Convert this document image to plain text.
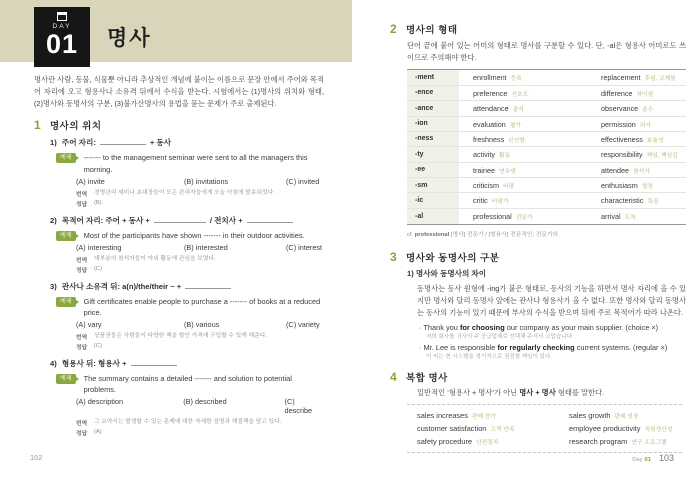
DAY
01	명사
명사란 사람, 동물, 식물뿐 아니라 추상적인 개념에 붙이는 이름으로 문장 안에서 주어와 목적어 자리에 오고 형용사나 소유격 뒤에서 수식을 받는다. 시험에서는 (1)명사의 위치와 형태, (2)명사와 동명사의 구분, (3)불가산명사의 용법을 묻는 문제가 주로 출제된다.
1 명사의 위치
1) 주어 자리:	+ 동사
예제	------- to the management seminar were sent to all the managers this morning.
(A) invite	(B) invitations	(C) invited
번역	경영관리 세미나 초대장들이 모든 관리자들에게 오늘 아침에 발송되었다.
정답	(B)
2) 목적어 자리: 주어 + 동사 +	/ 전치사 +
예제	Most of the participants have shown ------- in their outdoor activities.
(A) interesting	(B) interested	(C) interest
번역	대부분의 참석자들이 야외 활동에 관심을 보였다.
정답	(C)
3) 관사나 소유격 뒤: a(n)/the/their ~ +
예제	Gift certificates enable people to purchase a ------- of books at a reduced price.
(A) vary	(B) various	(C) variety
번역	상품권들은 사람들이 다양한 책을 할인 가격에 구입할 수 있게 해준다.
정답	(C)
4) 형용사 뒤: 형용사 +
예제	The summary contains a detailed ------- and solution to potential problems.
(A) description	(B) described	(C) describe
번역	그 요약서는 발생할 수 있는 문제에 대한 자세한 설명과 해결책을 담고 있다.
정답	(A)
102
2 명사의 형태
단어 끝에 붙어 있는 어미의 형태로 명사를 구분할 수 있다. 단, -al은 형용사 어미로도 쓰이므로 주의해야 한다.
-ment	enrollment 등록	replacement 후임, 교체물
-ence	preference 선호도	difference 차이점
-ance	attendance 출석	observance 준수
-ion	evaluation 평가	permission 허가
-ness	freshness 신선함	effectiveness 효율성
-ty	activity 활동	responsibility 책임, 책임감
-ee	trainee 연수생	attendee 참석자
-sm	criticism 비평	enthusiasm 열정
-ic	critic 비평가	characteristic 특징
-al	professional 전문가	arrival 도착
cf. professional [명사] 전문가 / [형용사] 전문적인, 전문가의
3 명사와 동명사의 구분
1) 명사와 동명사의 차이
동명사는 동사 원형에 -ing가 붙은 형태로, 동사의 기능을 하면서 명사 자리에 올 수 있지만 명사와 달리 동명사 앞에는 관사나 형용사가 올 수 없다. 또한 명사와 달리 동명사는 동사의 기능이 있기 때문에 부사의 수식을 받으며 뒤에 주로 목적어가 따라 나온다.
· Thank you for choosing our company as your main supplier. (choice ×)
저희 회사를 귀사의 주 공급업체로 선택해 주셔서 고맙습니다.
· Mr. Lee is responsible for regularly checking current systems. (regular ×)
이 씨는 현 시스템을 정기적으로 점검할 책임이 있다.
4 복합 명사
일반적인 ‘형용사 + 명사’가 아닌 명사 + 명사 형태를 말한다.
sales increases 판매 증가	sales growth 판매 성장
customer satisfaction 고객 만족	employee productivity 직원생산성
safety procedure 안전절차	research program 연구 프로그램
Day 01 103
